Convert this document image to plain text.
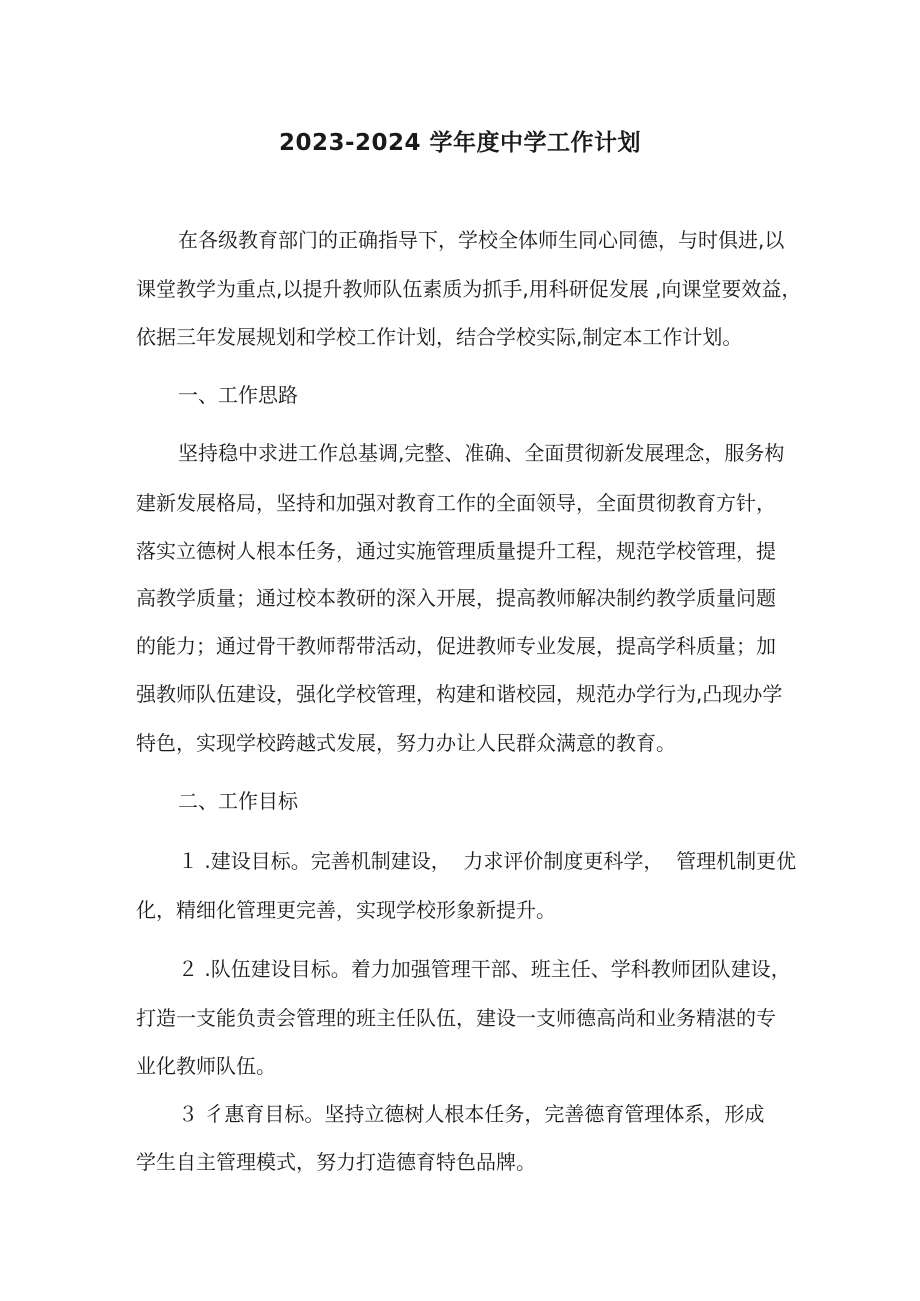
2023-2024 学年度中学工作计划
在各级教育部门的正确指导下，学校全体师生同心同德，与时俱进,以
课堂教学为重点,以提升教师队伍素质为抓手,用科研促发展 ,向课堂要效益，
依据三年发展规划和学校工作计划，结合学校实际,制定本工作计划。
一、工作思路
坚持稳中求进工作总基调,完整、准确、全面贯彻新发展理念，服务构
建新发展格局，坚持和加强对教育工作的全面领导，全面贯彻教育方针，
落实立德树人根本任务，通过实施管理质量提升工程，规范学校管理，提
高教学质量；通过校本教研的深入开展，提高教师解决制约教学质量问题
的能力；通过骨干教师帮带活动，促进教师专业发展，提高学科质量；加
强教师队伍建设，强化学校管理，构建和谐校园，规范办学行为,凸现办学
特色，实现学校跨越式发展，努力办让人民群众满意的教育。
二、工作目标
１ .建设目标。完善机制建设，  力求评价制度更科学，  管理机制更优
化，精细化管理更完善，实现学校形象新提升。
２ .队伍建设目标。着力加强管理干部、班主任、学科教师团队建设，
打造一支能负责会管理的班主任队伍，建设一支师德高尚和业务精湛的专
业化教师队伍。
３ 彳惠育目标。坚持立德树人根本任务，完善德育管理体系，形成
学生自主管理模式，努力打造德育特色品牌。
